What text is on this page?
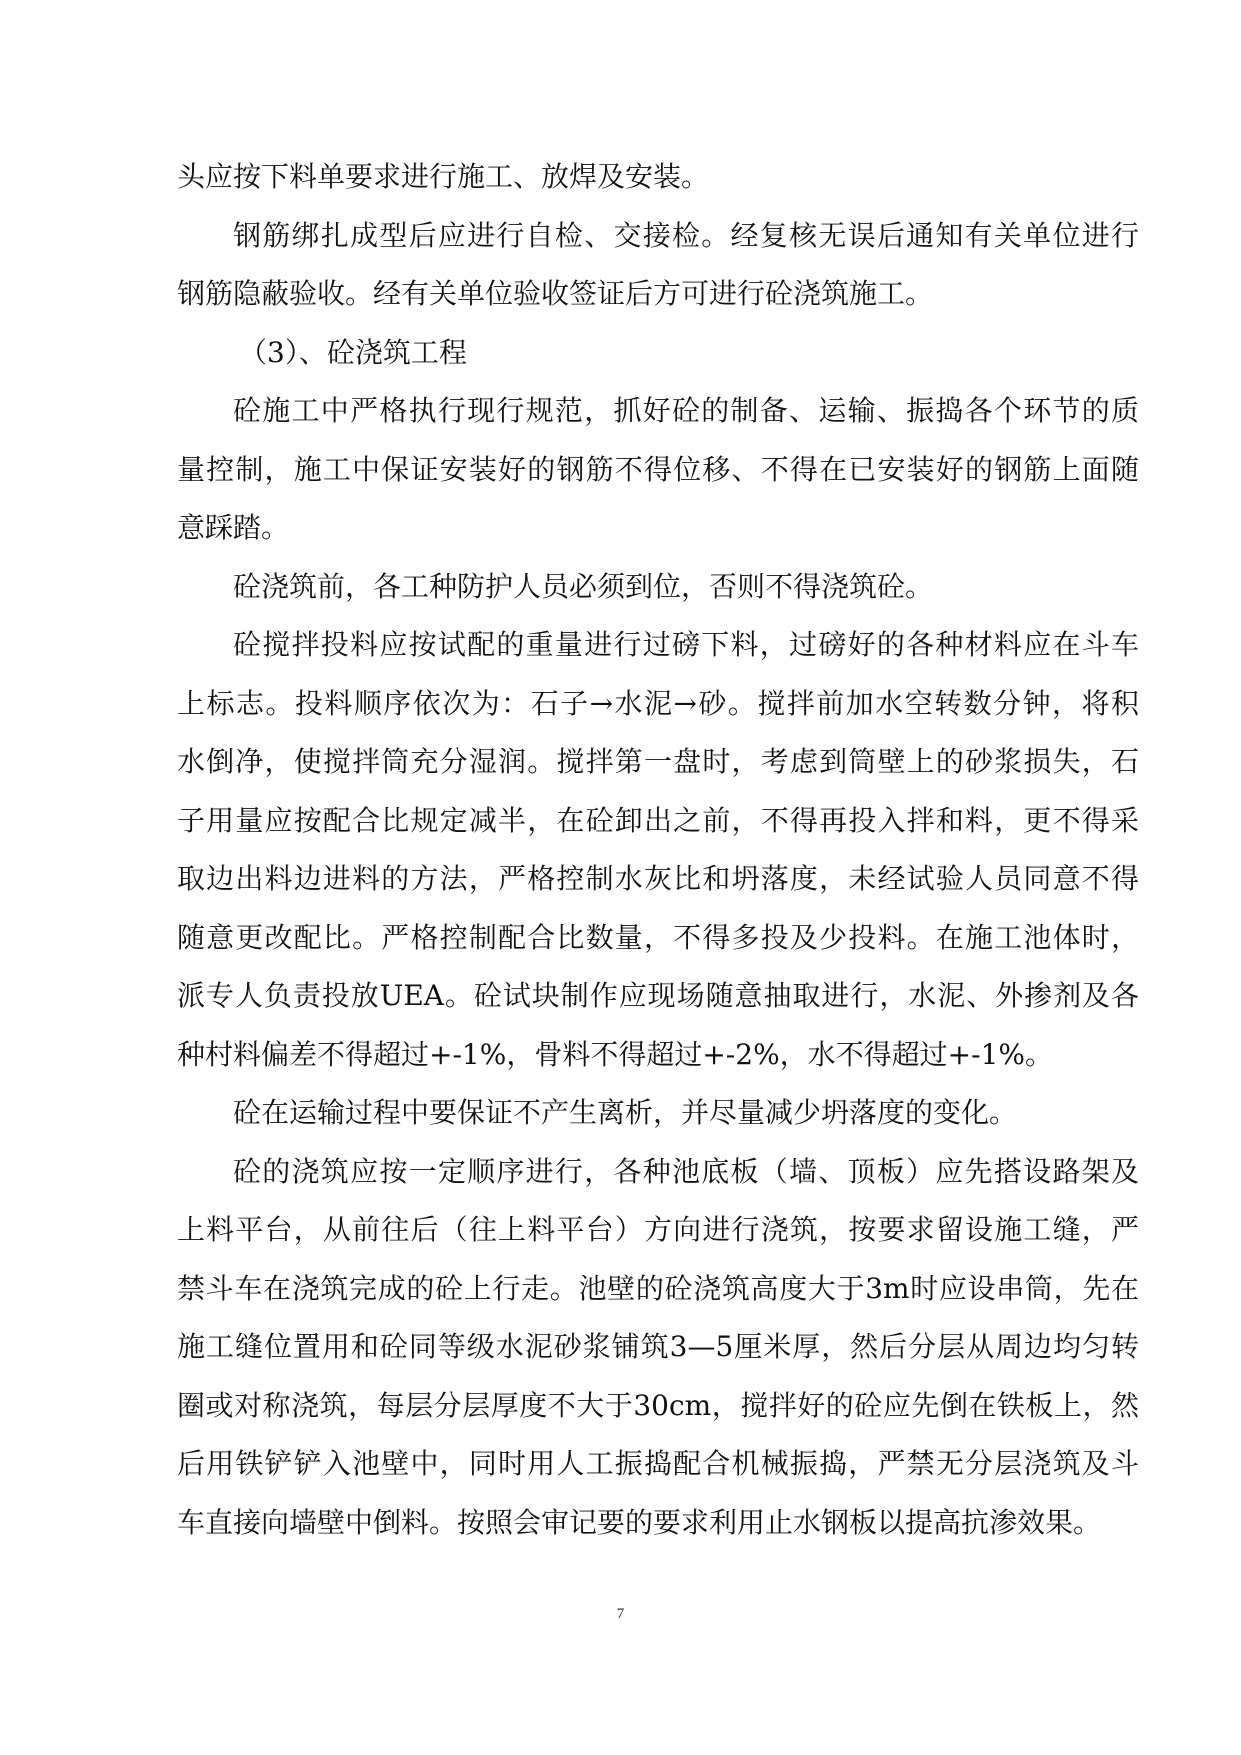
头应按下料单要求进行施工、放焊及安装。
钢筋绑扎成型后应进行自检、交接检。经复核无误后通知有关单位进行
钢筋隐蔽验收。经有关单位验收签证后方可进行砼浇筑施工。
（3）、砼浇筑工程
砼施工中严格执行现行规范，抓好砼的制备、运输、振捣各个环节的质
量控制，施工中保证安装好的钢筋不得位移、不得在已安装好的钢筋上面随
意踩踏。
砼浇筑前，各工种防护人员必须到位，否则不得浇筑砼。
砼搅拌投料应按试配的重量进行过磅下料，过磅好的各种材料应在斗车
上标志。投料顺序依次为：石子→水泥→砂。搅拌前加水空转数分钟，将积
水倒净，使搅拌筒充分湿润。搅拌第一盘时，考虑到筒壁上的砂浆损失，石
子用量应按配合比规定减半，在砼卸出之前，不得再投入拌和料，更不得采
取边出料边进料的方法，严格控制水灰比和坍落度，未经试验人员同意不得
随意更改配比。严格控制配合比数量，不得多投及少投料。在施工池体时，
派专人负责投放UEA。砼试块制作应现场随意抽取进行，水泥、外掺剂及各
种村料偏差不得超过+-1%，骨料不得超过+-2%，水不得超过+-1%。
砼在运输过程中要保证不产生离析，并尽量减少坍落度的变化。
砼的浇筑应按一定顺序进行，各种池底板（墙、顶板）应先搭设路架及
上料平台，从前往后（往上料平台）方向进行浇筑，按要求留设施工缝，严
禁斗车在浇筑完成的砼上行走。池壁的砼浇筑高度大于3m时应设串筒，先在
施工缝位置用和砼同等级水泥砂浆铺筑3—5厘米厚，然后分层从周边均匀转
圈或对称浇筑，每层分层厚度不大于30cm，搅拌好的砼应先倒在铁板上，然
后用铁铲铲入池壁中，同时用人工振捣配合机械振捣，严禁无分层浇筑及斗
车直接向墙壁中倒料。按照会审记要的要求利用止水钢板以提高抗渗效果。
7
